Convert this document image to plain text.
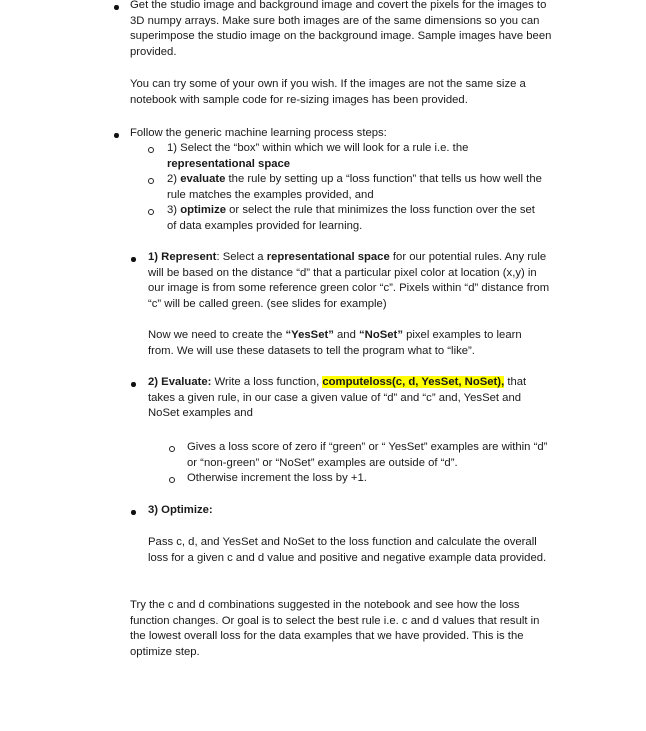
Get the studio image and background image and covert the pixels for the images to 3D numpy arrays. Make sure both images are of the same dimensions so you can superimpose the studio image on the background image. Sample images have been provided.

You can try some of your own if you wish. If the images are not the same size a notebook with sample code for re-sizing images has been provided.

Follow the generic machine learning process steps:

1) Select the “box” within which we will look for a rule i.e. the representational space

2) evaluate the rule by setting up a “loss function” that tells us how well the rule matches the examples provided, and

3) optimize or select the rule that minimizes the loss function over the set of data examples provided for learning.

1) Represent: Select a representational space for our potential rules. Any rule will be based on the distance “d” that a particular pixel color at location (x,y) in our image is from some reference green color “c”. Pixels within “d” distance from “c” will be called green. (see slides for example)

Now we need to create the “YesSet” and “NoSet” pixel examples to learn from. We will use these datasets to tell the program what to “like”.

2) Evaluate: Write a loss function, computeloss(c, d, YesSet, NoSet), that takes a given rule, in our case a given value of “d” and “c” and, YesSet and NoSet examples and

Gives a loss score of zero if “green” or “ YesSet” examples are within “d” or “non-green” or “NoSet” examples are outside of “d”.

Otherwise increment the loss by +1.

3) Optimize:

Pass c, d, and YesSet and NoSet to the loss function and calculate the overall loss for a given c and d value and positive and negative example data provided.

Try the c and d combinations suggested in the notebook and see how the loss function changes. Or goal is to select the best rule i.e. c and d values that result in the lowest overall loss for the data examples that we have provided. This is the optimize step.
